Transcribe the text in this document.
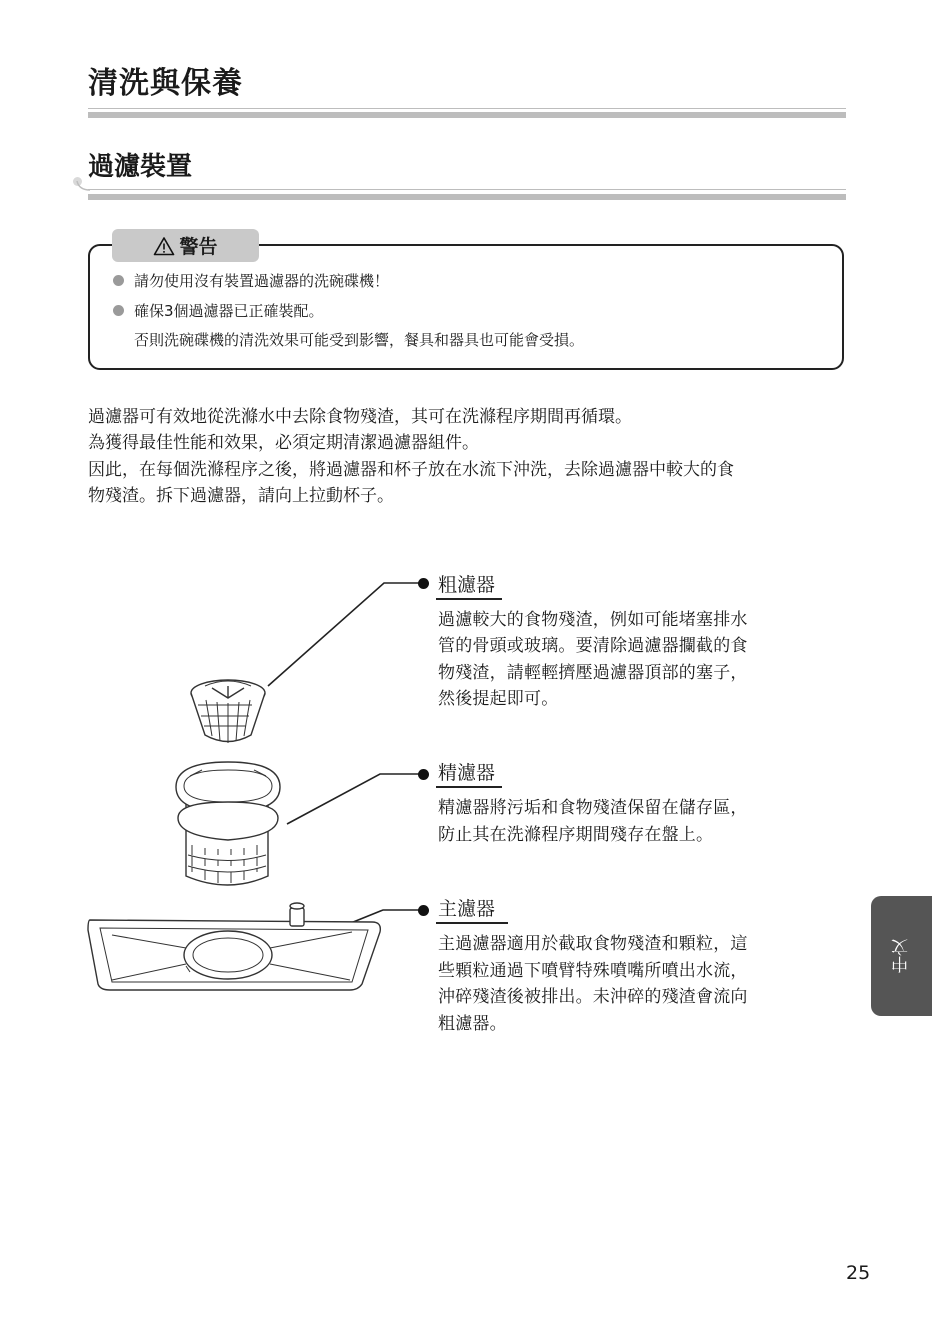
清洗與保養
過濾裝置
警告
請勿使用沒有裝置過濾器的洗碗碟機！
確保3個過濾器已正確裝配。
否則洗碗碟機的清洗效果可能受到影響，餐具和器具也可能會受損。
過濾器可有效地從洗滌水中去除食物殘渣，其可在洗滌程序期間再循環。
為獲得最佳性能和效果，必須定期清潔過濾器組件。
因此，在每個洗滌程序之後，將過濾器和杯子放在水流下沖洗，去除過濾器中較大的食
物殘渣。拆下過濾器，請向上拉動杯子。
粗濾器
過濾較大的食物殘渣，例如可能堵塞排水
管的骨頭或玻璃。要清除過濾器攔截的食
物殘渣，請輕輕擠壓過濾器頂部的塞子，
然後提起即可。
精濾器
精濾器將污垢和食物殘渣保留在儲存區，
防止其在洗滌程序期間殘存在盤上。
主濾器
主過濾器適用於截取食物殘渣和顆粒，這
些顆粒通過下噴臂特殊噴嘴所噴出水流，
沖碎殘渣後被排出。未沖碎的殘渣會流向
粗濾器。
中文
25
